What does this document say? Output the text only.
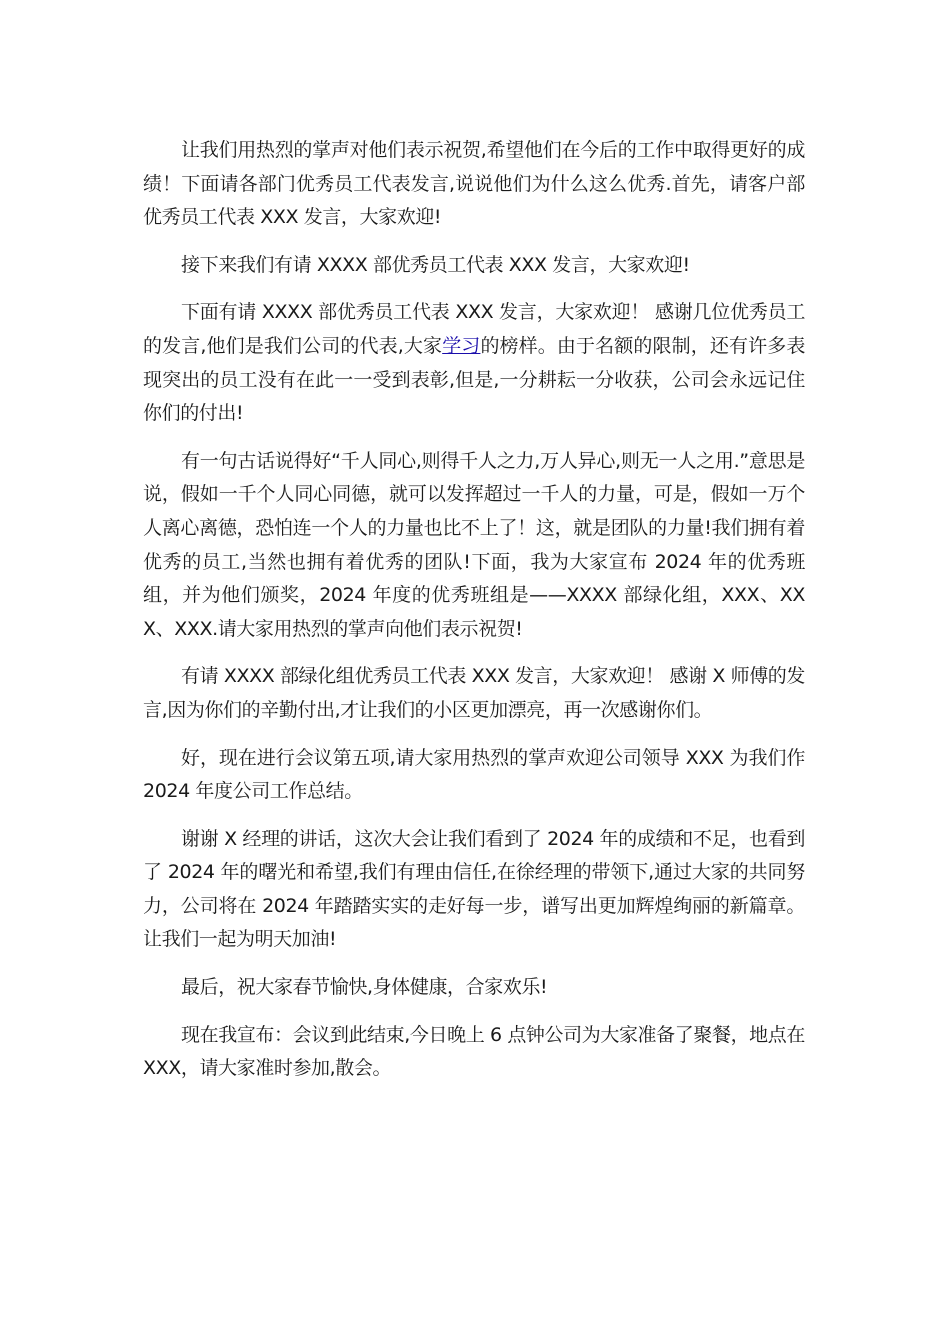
让我们用热烈的掌声对他们表示祝贺,希望他们在今后的工作中取得更好的成绩！下面请各部门优秀员工代表发言,说说他们为什么这么优秀.首先，请客户部优秀员工代表 XXX 发言，大家欢迎!

接下来我们有请 XXXX 部优秀员工代表 XXX 发言，大家欢迎!

下面有请 XXXX 部优秀员工代表 XXX 发言，大家欢迎！ 感谢几位优秀员工的发言,他们是我们公司的代表,大家学习的榜样。由于名额的限制，还有许多表现突出的员工没有在此一一受到表彰,但是,一分耕耘一分收获，公司会永远记住你们的付出!

有一句古话说得好“千人同心,则得千人之力,万人异心,则无一人之用.”意思是说，假如一千个人同心同德，就可以发挥超过一千人的力量，可是，假如一万个人离心离德，恐怕连一个人的力量也比不上了！这，就是团队的力量!我们拥有着优秀的员工,当然也拥有着优秀的团队!下面，我为大家宣布 2024 年的优秀班组，并为他们颁奖，2024 年度的优秀班组是——XXXX 部绿化组，XXX、XXX、XXX.请大家用热烈的掌声向他们表示祝贺!

有请 XXXX 部绿化组优秀员工代表 XXX 发言，大家欢迎！ 感谢 X 师傅的发言,因为你们的辛勤付出,才让我们的小区更加漂亮，再一次感谢你们。

好，现在进行会议第五项,请大家用热烈的掌声欢迎公司领导 XXX 为我们作 2024 年度公司工作总结。

谢谢 X 经理的讲话，这次大会让我们看到了 2024 年的成绩和不足，也看到了 2024 年的曙光和希望,我们有理由信任,在徐经理的带领下,通过大家的共同努力，公司将在 2024 年踏踏实实的走好每一步，谱写出更加辉煌绚丽的新篇章。让我们一起为明天加油!

最后，祝大家春节愉快,身体健康，合家欢乐!

现在我宣布：会议到此结束,今日晚上 6 点钟公司为大家准备了聚餐，地点在 XXX，请大家准时参加,散会。
